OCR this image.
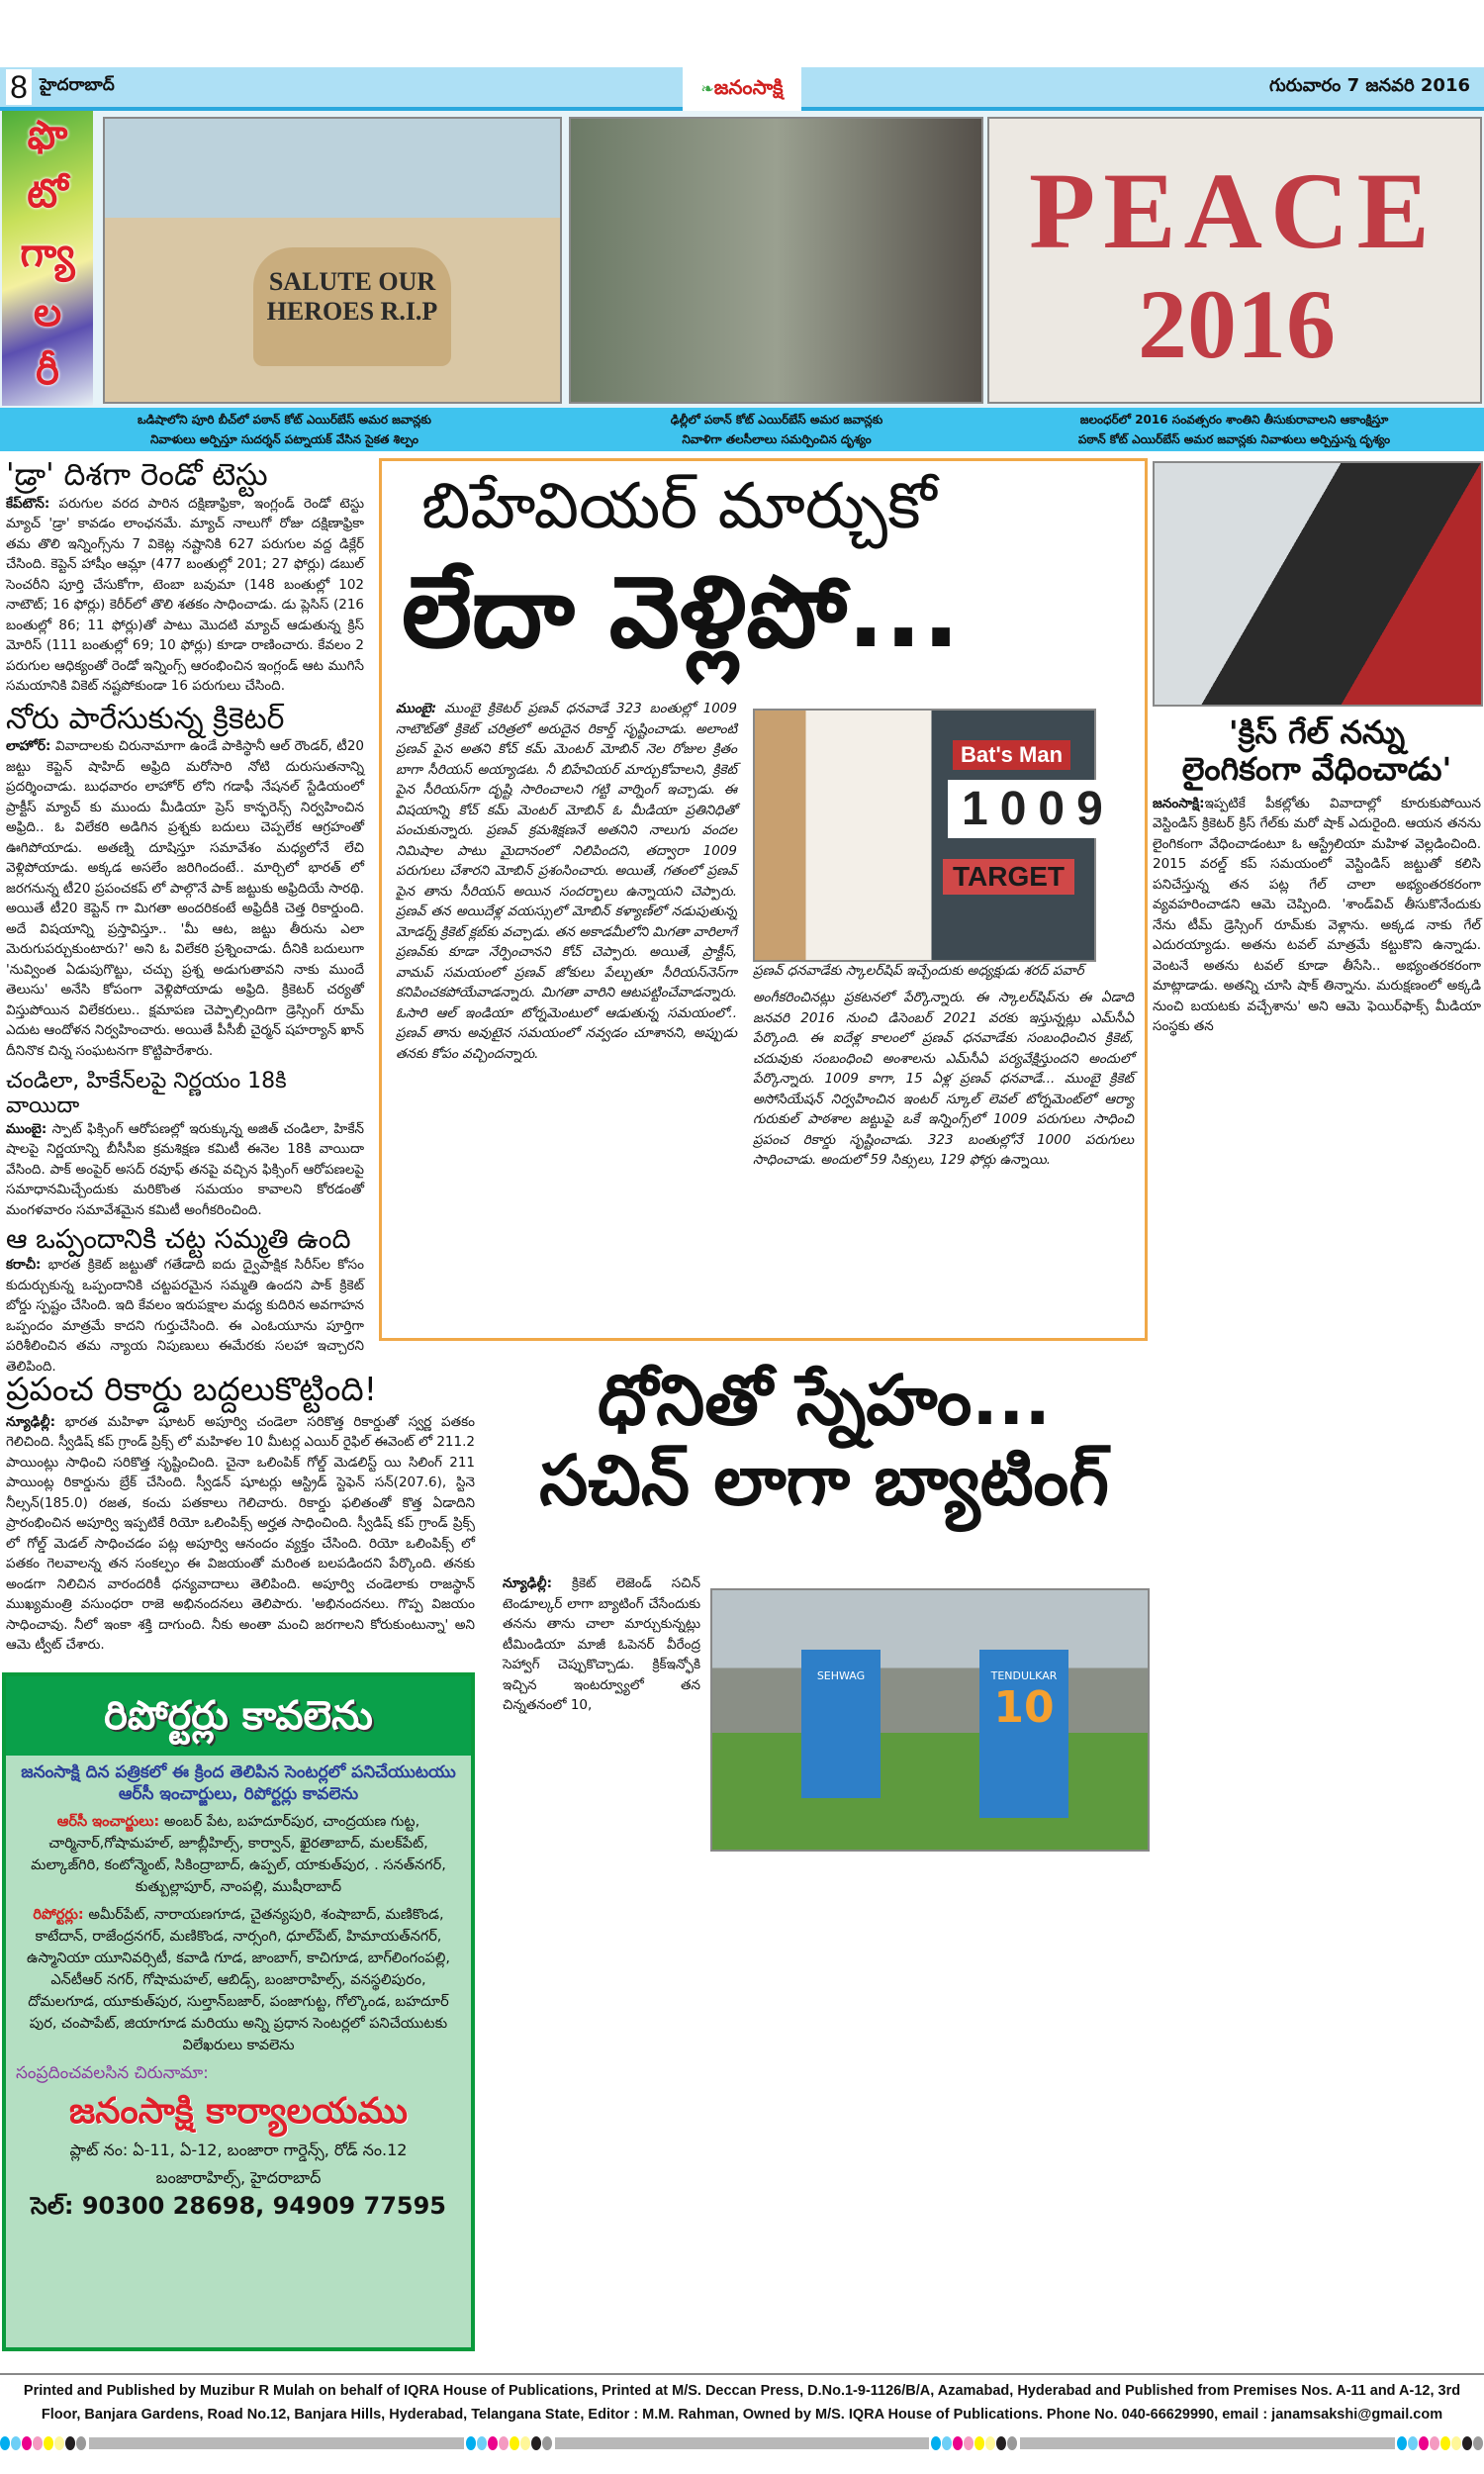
8 హైదరాబాద్	❧జనంసాక్షి	గురువారం 7 జనవరి 2016
ఫొ
టో
గ్యా
ల
రీ
SALUTE OUR HEROES R.I.P
PEACE
2016
ఒడిషాలోని పూరి బీచ్‌లో పఠాన్ కోట్ ఎయిర్‌బేస్ అమర జవాన్లకు
నివాళులు అర్పిస్తూ సుదర్శన్ పట్నాయక్ వేసిన సైకత శిల్పం
ఢిల్లీలో పఠాన్ కోట్ ఎయిర్‌బేస్ అమర జవాన్లకు
నివాళిగా తలసీలాలు సమర్పించిన దృశ్యం
జలంధర్‌లో 2016 సంవత్సరం శాంతిని తీసుకురావాలని ఆకాంక్షిస్తూ
పఠాన్ కోట్ ఎయిర్‌బేస్ అమర జవాన్లకు నివాళులు అర్పిస్తున్న దృశ్యం
'డ్రా' దిశగా రెండో టెస్టు
కేప్‌టౌన్: పరుగుల వరద పారిన దక్షిణాఫ్రికా, ఇంగ్లండ్ రెండో టెస్టు మ్యాచ్ 'డ్రా' కావడం లాంఛనమే. మ్యాచ్ నాలుగో రోజు దక్షిణాఫ్రికా తమ తొలి ఇన్నింగ్స్‌ను 7 వికెట్ల నష్టానికి 627 పరుగుల వద్ద డిక్లేర్ చేసింది. కెప్టెన్ హాషీం ఆమ్లా (477 బంతుల్లో 201; 27 ఫోర్లు) డబుల్ సెంచరీని పూర్తి చేసుకోగా, టెంబా బవుమా (148 బంతుల్లో 102 నాటౌట్; 16 ఫోర్లు) కెరీర్‌లో తొలి శతకం సాధించాడు. డు ప్లెసిస్ (216 బంతుల్లో 86; 11 ఫోర్లు)తో పాటు మొదటి మ్యాచ్ ఆడుతున్న క్రిస్ మోరిస్ (111 బంతుల్లో 69; 10 ఫోర్లు) కూడా రాణించారు. కేవలం 2 పరుగుల ఆధిక్యంతో రెండో ఇన్నింగ్స్ ఆరంభించిన ఇంగ్లండ్ ఆట ముగిసే సమయానికి వికెట్ నష్టపోకుండా 16 పరుగులు చేసింది.
నోరు పారేసుకున్న క్రికెటర్
లాహోర్: వివాదాలకు చిరునామాగా ఉండే పాకిస్థానీ ఆల్ రౌండర్, టీ20 జట్టు కెప్టెన్ షాహిద్ అఫ్రిది మరోసారి నోటి దురుసుతనాన్ని ప్రదర్శించాడు. బుధవారం లాహోర్ లోని గడాఫీ నేషనల్ స్టేడియంలో ప్రాక్టీస్ మ్యాచ్ కు ముందు మీడియా ప్రెస్ కాన్ఫరెన్స్ నిర్వహించిన అఫ్రిది.. ఓ విలేకరి అడిగిన ప్రశ్నకు బదులు చెప్పలేక ఆగ్రహంతో ఊగిపోయాడు. అతణ్ని దూషిస్తూ సమావేశం మధ్యలోనే లేచి వెళ్లిపోయాడు. అక్కడ అసలేం జరిగిందంటే.. మార్చిలో భారత్ లో జరగనున్న టీ20 ప్రపంచకప్ లో పాల్గొనే పాక్ జట్టుకు అఫ్రిదియే సారథి. అయితే టీ20 కెప్టెన్ గా మిగతా అందరికంటే అఫ్రిదీకి చెత్త రికార్డుంది. అదే విషయాన్ని ప్రస్తావిస్తూ.. 'మీ ఆట, జట్టు తీరును ఎలా మెరుగుపర్చుకుంటారు?' అని ఓ విలేకరి ప్రశ్నించాడు. దీనికి బదులుగా 'నువ్వింత ఏడుపుగొట్టు, చచ్చు ప్రశ్న అడుగుతావని నాకు ముందే తెలుసు' అనేసి కోపంగా వెళ్లిపోయాడు అఫ్రిది. క్రికెటర్ చర్యతో విస్తుపోయిన విలేకరులు.. క్షమాపణ చెప్పాల్సిందిగా డ్రెస్సింగ్ రూమ్ ఎదుట ఆందోళన నిర్వహించారు. అయితే పీసీబీ చైర్మన్ షహర్యాన్ ఖాన్ దీనినొక చిన్న సంఘటనగా కొట్టిపారేశారు.
చండిలా, హికేన్‌లపై నిర్ణయం 18కి వాయిదా
ముంబై: స్పాట్ ఫిక్సింగ్ ఆరోపణల్లో ఇరుక్కున్న అజిత్ చండిలా, హికేన్ షాలపై నిర్ణయాన్ని బీసీసీఐ క్రమశిక్షణ కమిటీ ఈనెల 18కి వాయిదా వేసింది. పాక్ అంపైర్ అసద్ రవూఫ్ తనపై వచ్చిన ఫిక్సింగ్ ఆరోపణలపై సమాధానమిచ్చేందుకు మరికొంత సమయం కావాలని కోరడంతో మంగళవారం సమావేశమైన కమిటీ అంగీకరించింది.
ఆ ఒప్పందానికి చట్ట సమ్మతి ఉంది
కరాచీ: భారత క్రికెట్ జట్టుతో గతేడాది ఐదు ద్వైపాక్షిక సిరీస్‌ల కోసం కుదుర్చుకున్న ఒప్పందానికి చట్టపరమైన సమ్మతి ఉందని పాక్ క్రికెట్ బోర్డు స్పష్టం చేసింది. ఇది కేవలం ఇరుపక్షాల మధ్య కుదిరిన అవగాహన ఒప్పందం మాత్రమే కాదని గుర్తుచేసింది. ఈ ఎంఓయూను పూర్తిగా పరిశీలించిన తమ న్యాయ నిపుణులు ఈమేరకు సలహా ఇచ్చారని తెలిపింది.
ప్రపంచ రికార్డు బద్దలుకొట్టింది!
న్యూఢిల్లీ: భారత మహిళా షూటర్ అపూర్వి చండెలా సరికొత్త రికార్డుతో స్వర్ణ పతకం గెలిచింది. స్వీడిష్ కప్ గ్రాండ్ ప్రిక్స్ లో మహిళల 10 మీటర్ల ఎయిర్ రైఫిల్ ఈవెంట్ లో 211.2 పాయింట్లు సాధించి సరికొత్త సృష్టించింది. చైనా ఒలింపిక్ గోల్డ్ మెడలిస్ట్ యి సిలింగ్ 211 పాయింట్ల రికార్డును బ్రేక్ చేసింది. స్వీడన్ షూటర్లు ఆస్ట్రిడ్ స్టెఫెన్ సన్(207.6), స్టినె నీల్సన్(185.0) రజత, కంచు పతకాలు గెలిచారు. రికార్డు ఫలితంతో కొత్త ఏడాదిని ప్రారంభించిన అపూర్వి ఇప్పటికే రియో ఒలింపిక్స్ అర్హత సాధించింది. స్వీడిష్ కప్ గ్రాండ్ ప్రిక్స్ లో గోల్డ్ మెడల్ సాధించడం పట్ల అపూర్వి ఆనందం వ్యక్తం చేసింది. రియో ఒలింపిక్స్ లో పతకం గెలవాలన్న తన సంకల్పం ఈ విజయంతో మరింత బలపడిందని పేర్కొంది. తనకు అండగా నిలిచిన వారందరికీ ధన్యవాదాలు తెలిపింది. అపూర్వి చండెలాకు రాజస్థాన్ ముఖ్యమంత్రి వసుంధరా రాజె అభినందనలు తెలిపారు. 'అభినందనలు. గొప్ప విజయం సాధించావు. నీలో ఇంకా శక్తి దాగుంది. నీకు అంతా మంచి జరగాలని కోరుకుంటున్నా' అని ఆమె ట్వీట్ చేశారు.
బిహేవియర్ మార్చుకో
లేదా వెళ్లిపో...
ముంబై: ముంబై క్రికెటర్ ప్రణవ్ ధనవాడే 323 బంతుల్లో 1009 నాటౌట్‌తో క్రికెట్ చరిత్రలో అరుదైన రికార్డ్ సృష్టించాడు. అలాంటి ప్రణవ్ పైన అతని కోచ్ కమ్ మెంటర్ మోబిన్ నెల రోజుల క్రితం బాగా సీరియస్ అయ్యాడట. నీ బిహేవియర్ మార్చుకోవాలని, క్రికెట్ పైన సీరియస్‌గా దృష్టి సారించాలని గట్టి వార్నింగ్ ఇచ్చాడు. ఈ విషయాన్ని కోచ్ కమ్ మెంటర్ మోబిన్ ఓ మీడియా ప్రతినిధితో పంచుకున్నారు. ప్రణవ్ క్రమశిక్షణనే అతనిని నాలుగు వందల నిమిషాల పాటు మైదానంలో నిలిపిందని, తద్వారా 1009 పరుగులు చేశారని మోబిన్ ప్రశంసించారు. అయితే, గతంలో ప్రణవ్ పైన తాను సీరియస్ అయిన సందర్భాలు ఉన్నాయని చెప్పారు. ప్రణవ్ తన అయిదేళ్ల వయస్సులో మోబిన్ కళ్యాణ్‌లో నడుపుతున్న మోడర్న్ క్రికెట్ క్లబ్‌కు వచ్చాడు. తన అకాడమీలోని మిగతా వారిలాగే ప్రణవ్‌కు కూడా నేర్పించానని కోచ్ చెప్పారు. అయితే, ప్రాక్టీస్, వామప్ సమయంలో ప్రణవ్ జోకులు పేల్చుతూ సీరియస్‌నెస్‌గా కనిపించకపోయేవాడన్నారు. మిగతా వారిని ఆటపట్టించేవాడన్నారు. ఓసారి ఆల్ ఇండియా టోర్నమెంటులో ఆడుతున్న సమయంలో.. ప్రణవ్ తాను అవుటైన సమయంలో నవ్వడం చూశానని, అప్పుడు తనకు కోపం వచ్చిందన్నారు.
Bat's Man
1009
TARGET
ప్రణవ్ ధనవాడేకు స్కాలర్‌షిప్ ఇచ్చేందుకు అధ్యక్షుడు శరద్ పవార్
అంగీకరించినట్లు ప్రకటనలో పేర్కొన్నారు. ఈ స్కాలర్‌షిప్‌ను ఈ ఏడాది జనవరి 2016 నుంచి డిసెంబర్ 2021 వరకు ఇస్తున్నట్లు ఎమ్‌సీఏ పేర్కొంది. ఈ ఐదేళ్ల కాలంలో ప్రణవ్ ధనవాడేకు సంబంధించిన క్రికెట్, చదువుకు సంబంధించి అంశాలను ఎమ్‌సీఏ పర్యవేక్షిస్తుందని అందులో పేర్కొన్నారు. 1009 కాగా, 15 ఏళ్ల ప్రణవ్ ధనవాడే... ముంబై క్రికెట్ అసోసియేషన్ నిర్వహించిన ఇంటర్ స్కూల్ లెవల్ టోర్నమెంట్‌లో ఆర్యా గురుకుల్ పాఠశాల జట్టుపై ఒకే ఇన్నింగ్స్‌లో 1009 పరుగులు సాధించి ప్రపంచ రికార్డు సృష్టించాడు. 323 బంతుల్లోనే 1000 పరుగులు సాధించాడు. అందులో 59 సిక్సులు, 129 ఫోర్లు ఉన్నాయి.
ధోనితో స్నేహం...
సచిన్ లాగా బ్యాటింగ్
న్యూఢిల్లీ: క్రికెట్ లెజెండ్ సచిన్ టెండూల్కర్ లాగా బ్యాటింగ్ చేసేందుకు తనను తాను చాలా మార్చుకున్నట్లు టీమిండియా మాజీ ఓపెనర్ వీరేంద్ర సెహ్వాగ్ చెప్పుకొచ్చాడు. క్రిక్‌ఇన్ఫోకి ఇచ్చిన ఇంటర్వ్యూలో తన చిన్నతనంలో 10,
SEHWAG	TENDULKAR
10
'క్రిస్ గేల్ నన్ను
లైంగికంగా వేధించాడు'
జనంసాక్షి:ఇప్పటికే పీకల్లోతు వివాదాల్లో కూరుకుపోయిన వెస్టిండిస్ క్రికెటర్ క్రిస్ గేల్‌కు మరో షాక్ ఎదురైంది. ఆయన తనను లైంగికంగా వేధించాడంటూ ఓ ఆస్ట్రేలియా మహిళ వెల్లడించింది. 2015 వరల్డ్ కప్ సమయంలో వెస్టిండిస్ జట్టుతో కలిసి పనిచేస్తున్న తన పట్ల గేల్ చాలా అభ్యంతరకరంగా వ్యవహరించాడని ఆమె చెప్పింది. 'శాండ్‌విచ్ తీసుకొనేందుకు నేను టీమ్ డ్రెస్సింగ్ రూమ్‌కు వెళ్లాను. అక్కడ నాకు గేల్ ఎదురయ్యాడు. అతను టవల్ మాత్రమే కట్టుకొని ఉన్నాడు. వెంటనే అతను టవల్ కూడా తీసేసి.. అభ్యంతరకరంగా మాట్లాడాడు. అతన్ని చూసి షాక్ తిన్నాను. మరుక్షణంలో అక్కడి నుంచి బయటకు వచ్చేశాను' అని ఆమె ఫెయిర్‌ఫాక్స్ మీడియా సంస్థకు తన
రిపోర్టర్లు కావలెను

జనంసాక్షి దిన పత్రికలో ఈ క్రింద తెలిపిన సెంటర్లలో పనిచేయుటయు ఆర్‌సీ ఇంచార్జులు, రిపోర్టర్లు కావలెను

ఆర్‌సీ ఇంచార్జులు: అంబర్ పేట, బహదూర్‌పుర, చాంద్రయణ గుట్ట, చార్మినార్,గోషామహల్, జూబ్లీహిల్స్, కార్వాన్, ఖైరతాబాద్, మలక్‌పేట్, మల్కాజ్‌గిరి, కంటోన్మెంట్, సికింద్రాబాద్, ఉప్పల్, యాకుత్‌పుర, . సనత్‌నగర్, కుత్బుల్లాపూర్, నాంపల్లి, ముషీరాబాద్

రిపోర్టర్లు: అమీర్‌పేట్, నారాయణగూడ, చైతన్యపురి, శంషాబాద్, మణికొండ, కాటేదాన్, రాజేంద్రనగర్, మణికొండ, నార్సంగి, ధూల్‌పేట్, హిమాయత్‌నగర్, ఉస్మానియా యూనివర్సిటీ, కవాడి గూడ, జాంబాగ్, కాచిగూడ, బాగ్‌లింగంపల్లి, ఎన్‌టీఆర్ నగర్, గోషామహల్, ఆబిడ్స్, బంజారాహిల్స్, వనస్థలిపురం, దోమలగూడ, యూకుత్‌పుర, సుల్తాన్‌బజార్, పంజాగుట్ట, గోల్కొండ, బహదూర్ పుర, చంపాపేట్, జియాగూడ మరియు అన్ని ప్రధాన సెంటర్లలో పనిచేయుటకు విలేఖరులు కావలెను

సంప్రదించవలసిన చిరునామా:

జనంసాక్షి కార్యాలయము

ప్లాట్ నం: ఏ-11, ఏ-12, బంజారా గార్డెన్స్, రోడ్ నం.12

బంజారాహిల్స్, హైదరాబాద్

సెల్: 90300 28698, 94909 77595

Printed and Published by Muzibur R Mulah on behalf of IQRA House of Publications, Printed at M/S. Deccan Press, D.No.1-9-1126/B/A, Azamabad, Hyderabad and Published from Premises Nos. A-11 and A-12, 3rd
Floor, Banjara Gardens, Road No.12, Banjara Hills, Hyderabad, Telangana State, Editor : M.M. Rahman, Owned by M/S. IQRA House of Publications. Phone No. 040-66629990, email : janamsakshi@gmail.com
